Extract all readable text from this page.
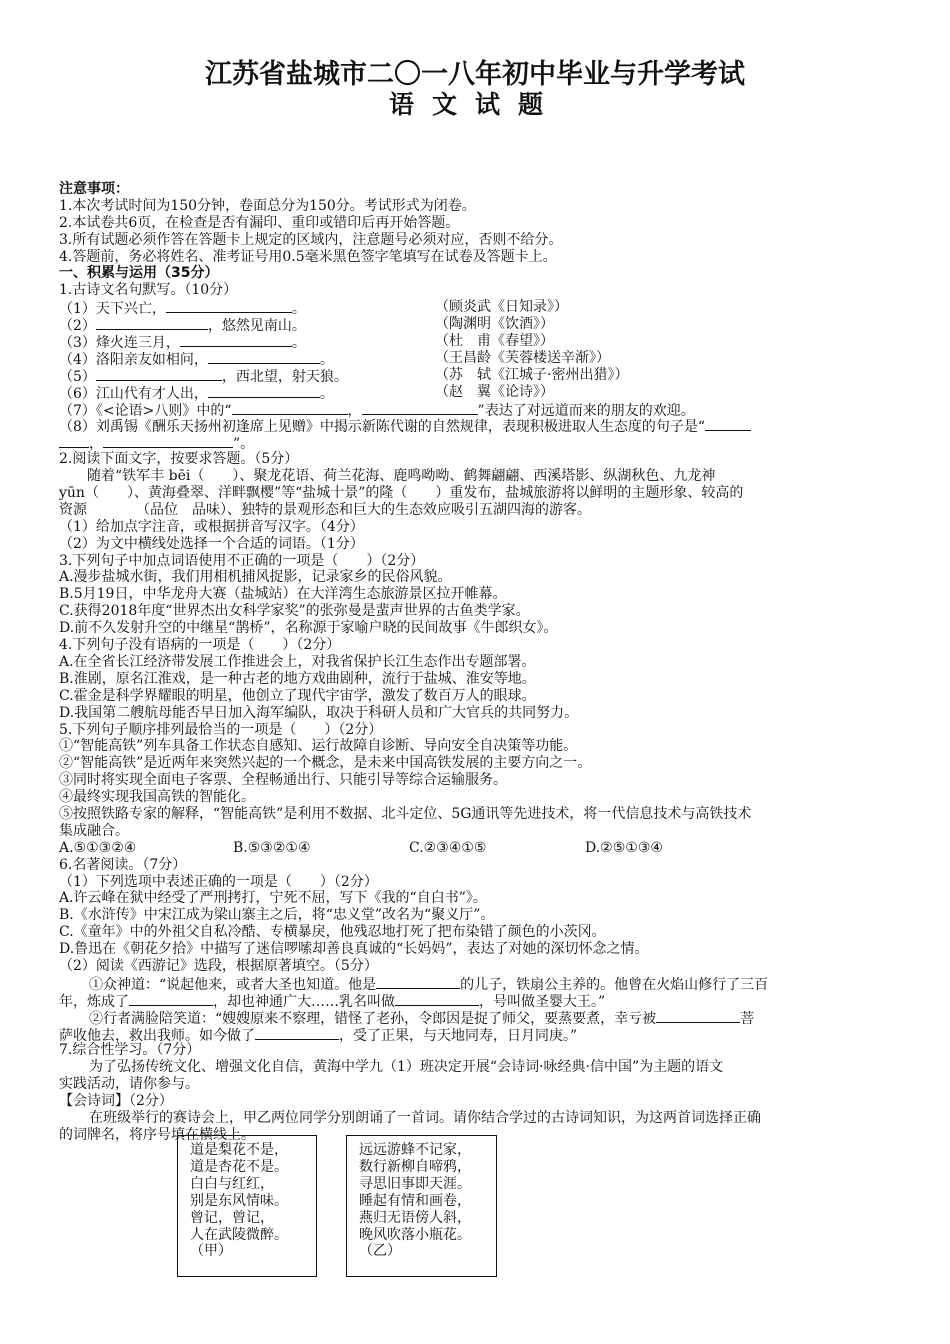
江苏省盐城市二〇一八年初中毕业与升学考试
语文试题
注意事项：
1.本次考试时间为150分钟，卷面总分为150分。考试形式为闭卷。
2.本试卷共6页，在检查是否有漏印、重印或错印后再开始答题。
3.所有试题必须作答在答题卡上规定的区域内，注意题号必须对应，否则不给分。
4.答题前，务必将姓名、准考证号用0.5毫米黑色签字笔填写在试卷及答题卡上。
一、积累与运用（35分）
1.古诗文名句默写。（10分）
（1）天下兴亡，	。	（顾炎武《日知录》）
（2）	，悠然见南山。	（陶渊明《饮酒》）
（3）烽火连三月，	。	（杜　甫《春望》）
（4）洛阳亲友如相问，	。	（王昌龄《芙蓉楼送辛渐》）
（5）	，西北望，射天狼。	（苏　轼《江城子·密州出猎》）
（6）江山代有才人出，	。	（赵　翼《论诗》）
（7）《<论语>八则》中的“	，	”表达了对远道而来的朋友的欢迎。
（8）刘禹锡《酬乐天扬州初逢席上见赠》中揭示新陈代谢的自然规律，表现积极进取人生态度的句子是“
，	”。
2.阅读下面文字，按要求答题。（5分）
随着“铁军丰 bēi（　　）、聚龙花语、荷兰花海、鹿鸣呦呦、鹤舞翩翩、西溪塔影、纵湖秋色、九龙神
yūn（　　）、黄海叠翠、洋畔飘樱”等“盐城十景”的隆（　　）重发布，盐城旅游将以鲜明的主题形象、较高的
资源　　　　（品位　品味）、独特的景观形态和巨大的生态效应吸引五湖四海的游客。
（1）给加点字注音，或根据拼音写汉字。（4分）
（2）为文中横线处选择一个合适的词语。（1分）
3.下列句子中加点词语使用不正确的一项是（　　）（2分）
A.漫步盐城水街，我们用相机捕风捉影，记录家乡的民俗风貌。
B.5月19日，中华龙舟大赛（盐城站）在大洋湾生态旅游景区拉开帷幕。
C.获得2018年度“世界杰出女科学家奖”的张弥曼是蜚声世界的古鱼类学家。
D.前不久发射升空的中继星“鹊桥”，名称源于家喻户晓的民间故事《牛郎织女》。
4.下列句子没有语病的一项是（　　）（2分）
A.在全省长江经济带发展工作推进会上，对我省保护长江生态作出专题部署。
B.淮剧，原名江淮戏，是一种古老的地方戏曲剧种，流行于盐城、淮安等地。
C.霍金是科学界耀眼的明星，他创立了现代宇宙学，激发了数百万人的眼球。
D.我国第二艘航母能否早日加入海军编队，取决于科研人员和广大官兵的共同努力。
5.下列句子顺序排列最恰当的一项是（　　）（2分）
①“智能高铁”列车具备工作状态自感知、运行故障自诊断、导向安全自决策等功能。
②“智能高铁”是近两年来突然兴起的一个概念，是未来中国高铁发展的主要方向之一。
③同时将实现全面电子客票、全程畅通出行、只能引导等综合运输服务。
④最终实现我国高铁的智能化。
⑤按照铁路专家的解释，“智能高铁”是利用不数据、北斗定位、5G通讯等先进技术，将一代信息技术与高铁技术
集成融合。
A.⑤①③②④	B.⑤③②①④	C.②③④①⑤	D.②⑤①③④
6.名著阅读。（7分）
（1）下列选项中表述正确的一项是（　　）（2分）
A.许云峰在狱中经受了严刑拷打，宁死不屈，写下《我的“自白书”》。
B.《水浒传》中宋江成为梁山寨主之后，将“忠义堂”改名为“聚义厅”。
C.《童年》中的外祖父自私冷酷、专横暴戾，他残忍地打死了把布染错了颜色的小茨冈。
D.鲁迅在《朝花夕拾》中描写了迷信啰嗦却善良真诚的“长妈妈”，表达了对她的深切怀念之情。
（2）阅读《西游记》选段，根据原著填空。（5分）
①众神道：“说起他来，或者大圣也知道。他是	的儿子，铁扇公主养的。他曾在火焰山修行了三百
年，炼成了	，却也神通广大……乳名叫做	，号叫做圣婴大王。”
②行者满脸陪笑道：“嫂嫂原来不察理，错怪了老孙，令郎因是捉了师父，要蒸要煮，幸亏被	菩
萨收他去，救出我师。如今做了	，受了正果，与天地同寿，日月同庚。”
7.综合性学习。（7分）
为了弘扬传统文化、增强文化自信，黄海中学九（1）班决定开展“会诗词·咏经典·信中国”为主题的语文
实践活动，请你参与。
【会诗词】（2分）
在班级举行的赛诗会上，甲乙两位同学分别朗诵了一首词。请你结合学过的古诗词知识，为这两首词选择正确
的词牌名，将序号填在横线上。
道是梨花不是，
道是杏花不是。
白白与红红，
别是东风情味。
曾记，曾记，
人在武陵微醉。
（甲）
远远游蜂不记家，
数行新柳自啼鸦，
寻思旧事即天涯。
睡起有情和画卷，
燕归无语傍人斜，
晚风吹落小瓶花。
（乙）
